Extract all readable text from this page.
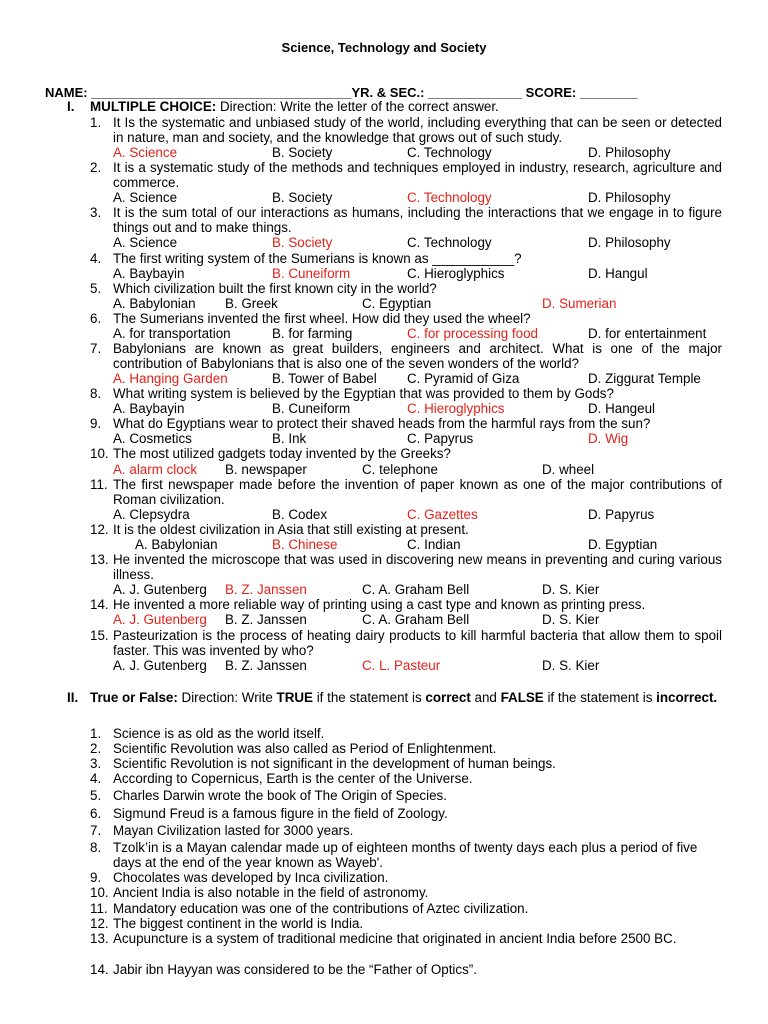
Science, Technology and Society
NAME: ____________________________________YR. & SEC.: _____________ SCORE: ________
I. MULTIPLE CHOICE: Direction: Write the letter of the correct answer.
1. It Is the systematic and unbiased study of the world, including everything that can be seen or detected in nature, man and society, and the knowledge that grows out of such study.
A. Science	B. Society	C. Technology	D. Philosophy
2. It is a systematic study of the methods and techniques employed in industry, research, agriculture and commerce.
A. Science	B. Society	C. Technology	D. Philosophy
3. It is the sum total of our interactions as humans, including the interactions that we engage in to figure things out and to make things.
A. Science	B. Society	C. Technology	D. Philosophy
4. The first writing system of the Sumerians is known as ___________?
A. Baybayin	B. Cuneiform	C. Hieroglyphics	D. Hangul
5. Which civilization built the first known city in the world?
A. Babylonian B. Greek	C. Egyptian	D. Sumerian
6. The Sumerians invented the first wheel. How did they used the wheel?
A. for transportation	B. for farming	C. for processing food	D. for entertainment
7. Babylonians are known as great builders, engineers and architect. What is one of the major contribution of Babylonians that is also one of the seven wonders of the world?
A. Hanging Garden	B. Tower of Babel C. Pyramid of Giza	D. Ziggurat Temple
8. What writing system is believed by the Egyptian that was provided to them by Gods?
A. Baybayin	B. Cuneiform	C. Hieroglyphics	D. Hangeul
9. What do Egyptians wear to protect their shaved heads from the harmful rays from the sun?
A. Cosmetics	B. Ink	C. Papyrus	D. Wig
10. The most utilized gadgets today invented by the Greeks?
A. alarm clock B. newspaper	C. telephone	D. wheel
11. The first newspaper made before the invention of paper known as one of the major contributions of Roman civilization.
A. Clepsydra	B. Codex	C. Gazettes	D. Papyrus
12. It is the oldest civilization in Asia that still existing at present.
A. Babylonian	B. Chinese	C. Indian	D. Egyptian
13. He invented the microscope that was used in discovering new means in preventing and curing various illness.
A. J. Gutenberg B. Z. Janssen	C. A. Graham Bell	D. S. Kier
14. He invented a more reliable way of printing using a cast type and known as printing press.
A. J. Gutenberg B. Z. Janssen	C. A. Graham Bell	D. S. Kier
15. Pasteurization is the process of heating dairy products to kill harmful bacteria that allow them to spoil faster. This was invented by who?
A. J. Gutenberg B. Z. Janssen	C. L. Pasteur	D. S. Kier
II. True or False: Direction: Write TRUE if the statement is correct and FALSE if the statement is incorrect.
1. Science is as old as the world itself.
2. Scientific Revolution was also called as Period of Enlightenment.
3. Scientific Revolution is not significant in the development of human beings.
4. According to Copernicus, Earth is the center of the Universe.
5. Charles Darwin wrote the book of The Origin of Species.
6. Sigmund Freud is a famous figure in the field of Zoology.
7. Mayan Civilization lasted for 3000 years.
8. Tzolk’in is a Mayan calendar made up of eighteen months of twenty days each plus a period of five days at the end of the year known as Wayeb'.
9. Chocolates was developed by Inca civilization.
10. Ancient India is also notable in the field of astronomy.
11. Mandatory education was one of the contributions of Aztec civilization.
12. The biggest continent in the world is India.
13. Acupuncture is a system of traditional medicine that originated in ancient India before 2500 BC.
14. Jabir ibn Hayyan was considered to be the “Father of Optics”.
